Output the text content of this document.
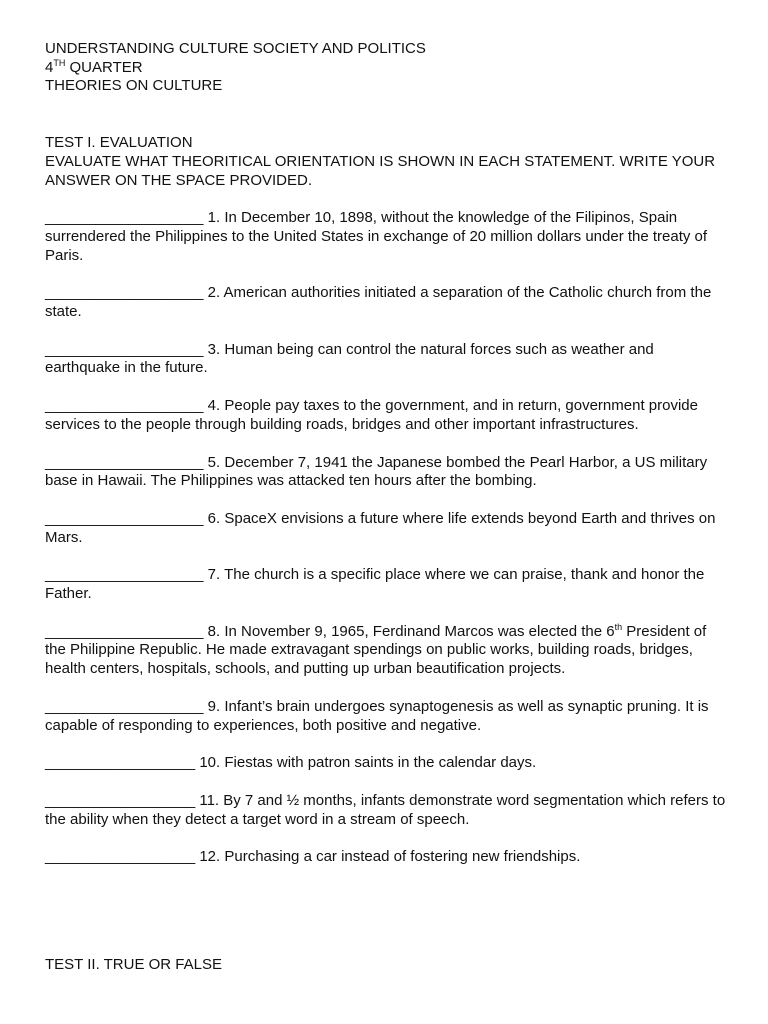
UNDERSTANDING CULTURE SOCIETY AND POLITICS
4TH QUARTER
THEORIES ON CULTURE
TEST I. EVALUATION
EVALUATE WHAT THEORITICAL ORIENTATION IS SHOWN IN EACH STATEMENT. WRITE YOUR ANSWER ON THE SPACE PROVIDED.
___________________ 1. In December 10, 1898, without the knowledge of the Filipinos, Spain surrendered the Philippines to the United States in exchange of 20 million dollars under the treaty of Paris.
___________________ 2. American authorities initiated a separation of the Catholic church from the state.
___________________ 3. Human being can control the natural forces such as weather and earthquake in the future.
___________________ 4. People pay taxes to the government, and in return, government provide services to the people through building roads, bridges and other important infrastructures.
___________________ 5. December 7, 1941 the Japanese bombed the Pearl Harbor, a US military base in Hawaii. The Philippines was attacked ten hours after the bombing.
___________________ 6. SpaceX envisions a future where life extends beyond Earth and thrives on Mars.
___________________ 7. The church is a specific place where we can praise, thank and honor the Father.
___________________ 8. In November 9, 1965, Ferdinand Marcos was elected the 6th President of the Philippine Republic. He made extravagant spendings on public works, building roads, bridges, health centers, hospitals, schools, and putting up urban beautification projects.
___________________ 9. Infant’s brain undergoes synaptogenesis as well as synaptic pruning. It is capable of responding to experiences, both positive and negative.
__________________ 10. Fiestas with patron saints in the calendar days.
__________________ 11. By 7 and ½ months, infants demonstrate word segmentation which refers to the ability when they detect a target word in a stream of speech.
__________________ 12. Purchasing a car instead of fostering new friendships.
TEST II. TRUE OR FALSE
